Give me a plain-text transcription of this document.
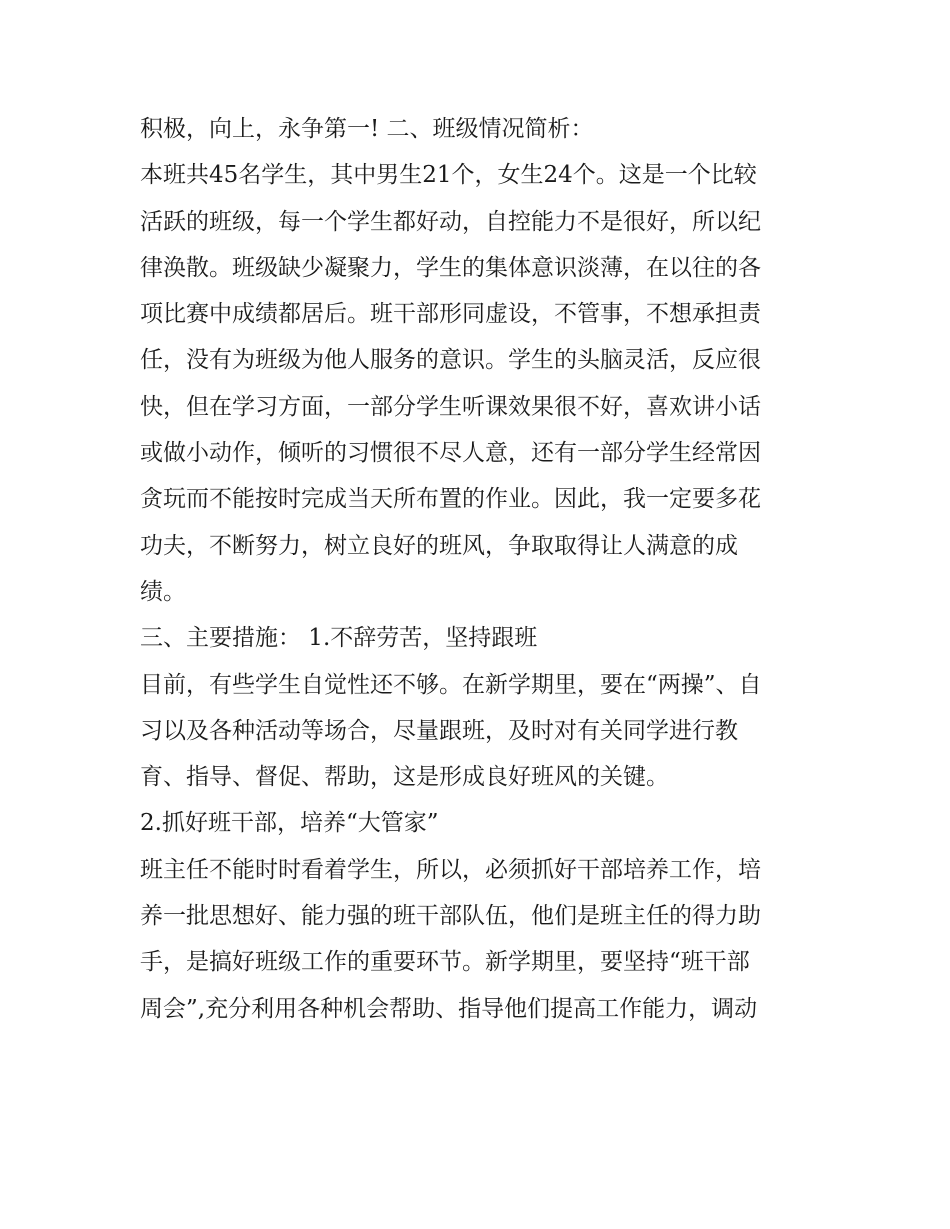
积极，向上，永争第一! 二、班级情况简析：
本班共45名学生，其中男生21个，女生24个。这是一个比较
活跃的班级，每一个学生都好动，自控能力不是很好，所以纪
律涣散。班级缺少凝聚力，学生的集体意识淡薄，在以往的各
项比赛中成绩都居后。班干部形同虚设，不管事，不想承担责
任，没有为班级为他人服务的意识。学生的头脑灵活，反应很
快，但在学习方面，一部分学生听课效果很不好，喜欢讲小话
或做小动作，倾听的习惯很不尽人意，还有一部分学生经常因
贪玩而不能按时完成当天所布置的作业。因此，我一定要多花
功夫，不断努力，树立良好的班风，争取取得让人满意的成
绩。
三、主要措施： 1.不辞劳苦，坚持跟班
目前，有些学生自觉性还不够。在新学期里，要在“两操”、自
习以及各种活动等场合，尽量跟班，及时对有关同学进行教
育、指导、督促、帮助，这是形成良好班风的关键。
2.抓好班干部，培养“大管家”
班主任不能时时看着学生，所以，必须抓好干部培养工作，培
养一批思想好、能力强的班干部队伍，他们是班主任的得力助
手，是搞好班级工作的重要环节。新学期里，要坚持“班干部
周会”,充分利用各种机会帮助、指导他们提高工作能力，调动
